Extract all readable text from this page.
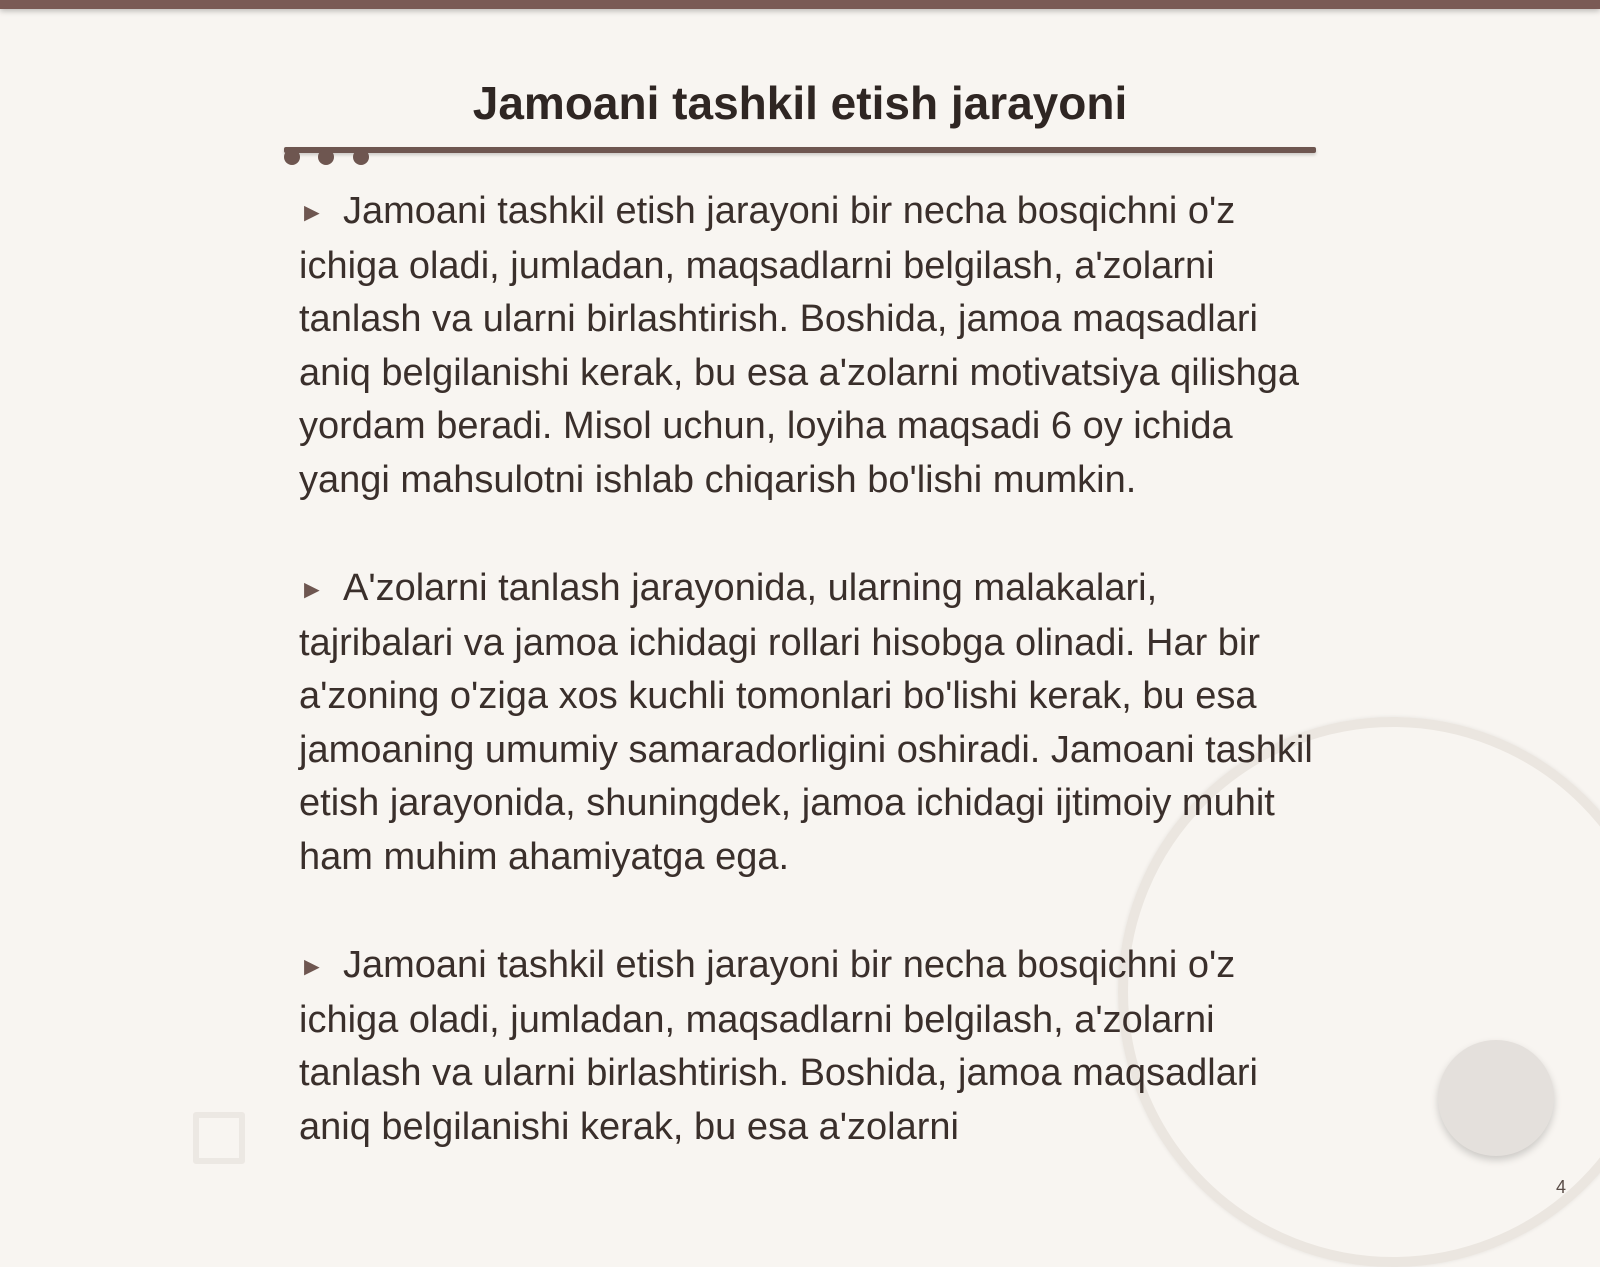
Jamoani tashkil etish jarayoni

► Jamoani tashkil etish jarayoni bir necha bosqichni o'z ichiga oladi, jumladan, maqsadlarni belgilash, a'zolarni tanlash va ularni birlashtirish. Boshida, jamoa maqsadlari aniq belgilanishi kerak, bu esa a'zolarni motivatsiya qilishga yordam beradi. Misol uchun, loyiha maqsadi 6 oy ichida yangi mahsulotni ishlab chiqarish bo'lishi mumkin.

► A'zolarni tanlash jarayonida, ularning malakalari, tajribalari va jamoa ichidagi rollari hisobga olinadi. Har bir a'zoning o'ziga xos kuchli tomonlari bo'lishi kerak, bu esa jamoaning umumiy samaradorligini oshiradi. Jamoani tashkil etish jarayonida, shuningdek, jamoa ichidagi ijtimoiy muhit ham muhim ahamiyatga ega.

► Jamoani tashkil etish jarayoni bir necha bosqichni o'z ichiga oladi, jumladan, maqsadlarni belgilash, a'zolarni tanlash va ularni birlashtirish. Boshida, jamoa maqsadlari aniq belgilanishi kerak, bu esa a'zolarni

4
